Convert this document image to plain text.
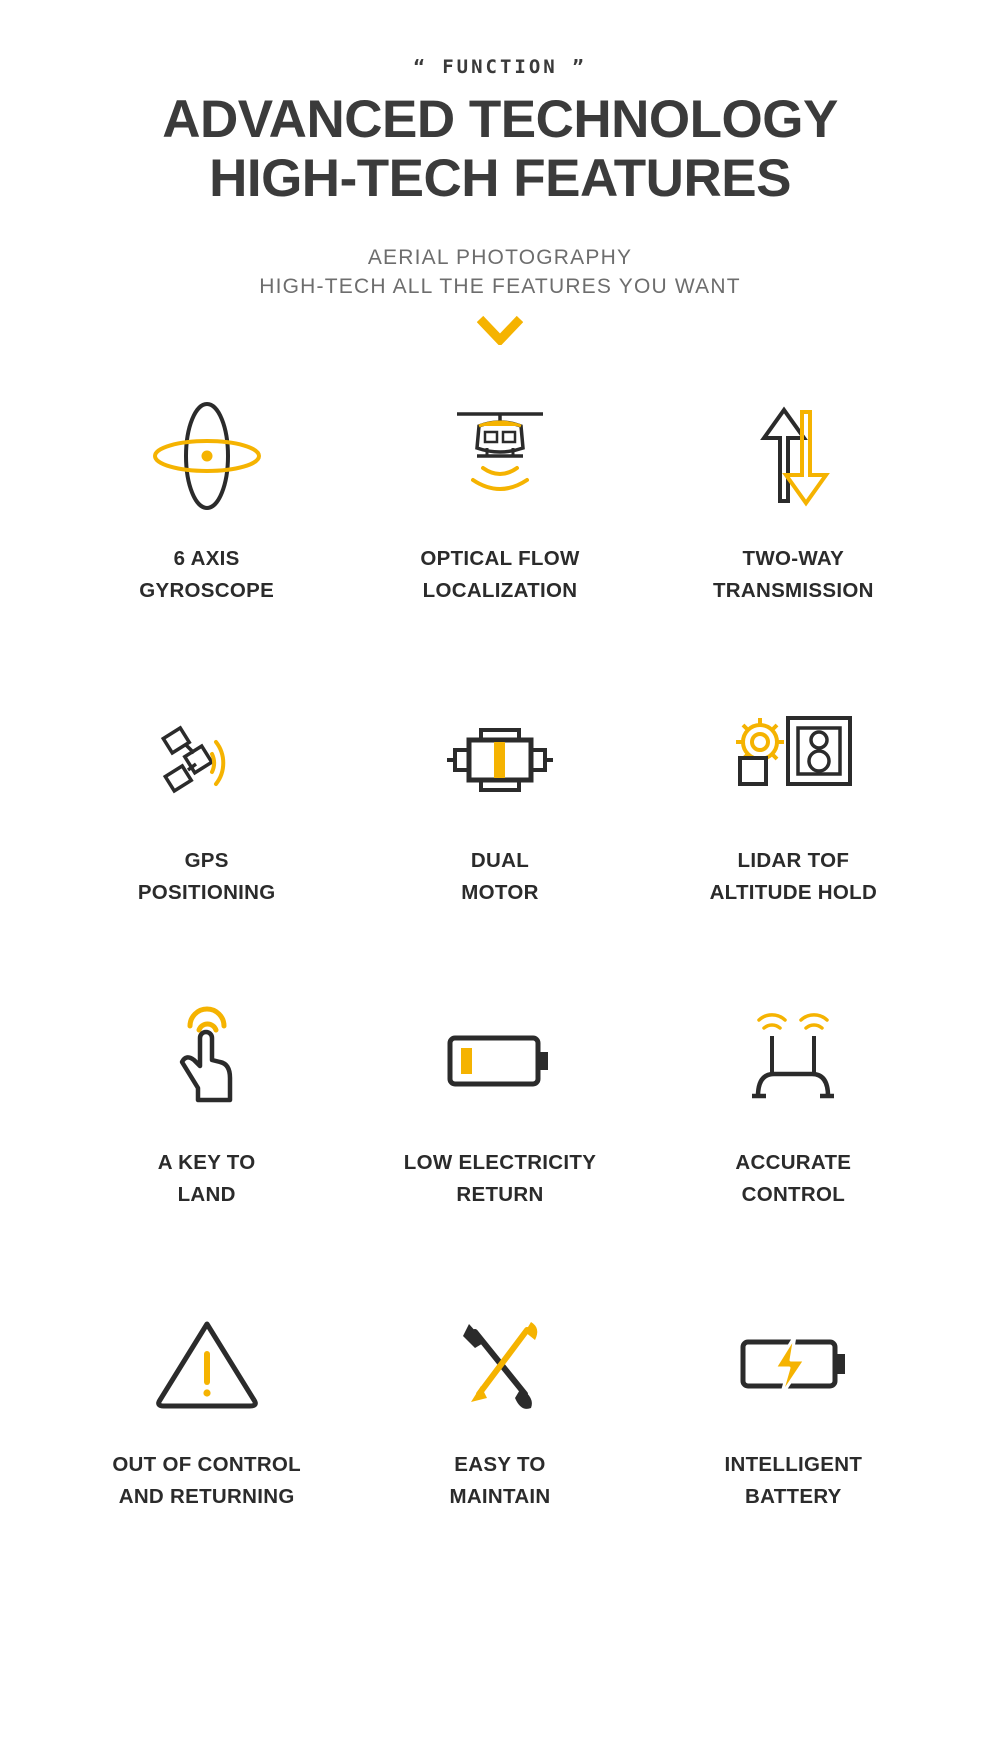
“ FUNCTION ”
ADVANCED TECHNOLOGY
HIGH-TECH FEATURES
AERIAL PHOTOGRAPHY
HIGH-TECH ALL THE FEATURES YOU WANT
6 AXIS
GYROSCOPE
OPTICAL FLOW
LOCALIZATION
TWO-WAY
TRANSMISSION
GPS
POSITIONING
DUAL
MOTOR
LIDAR TOF
ALTITUDE HOLD
A KEY TO
LAND
LOW ELECTRICITY
RETURN
ACCURATE
CONTROL
OUT OF CONTROL
AND RETURNING
EASY TO
MAINTAIN
INTELLIGENT
BATTERY
